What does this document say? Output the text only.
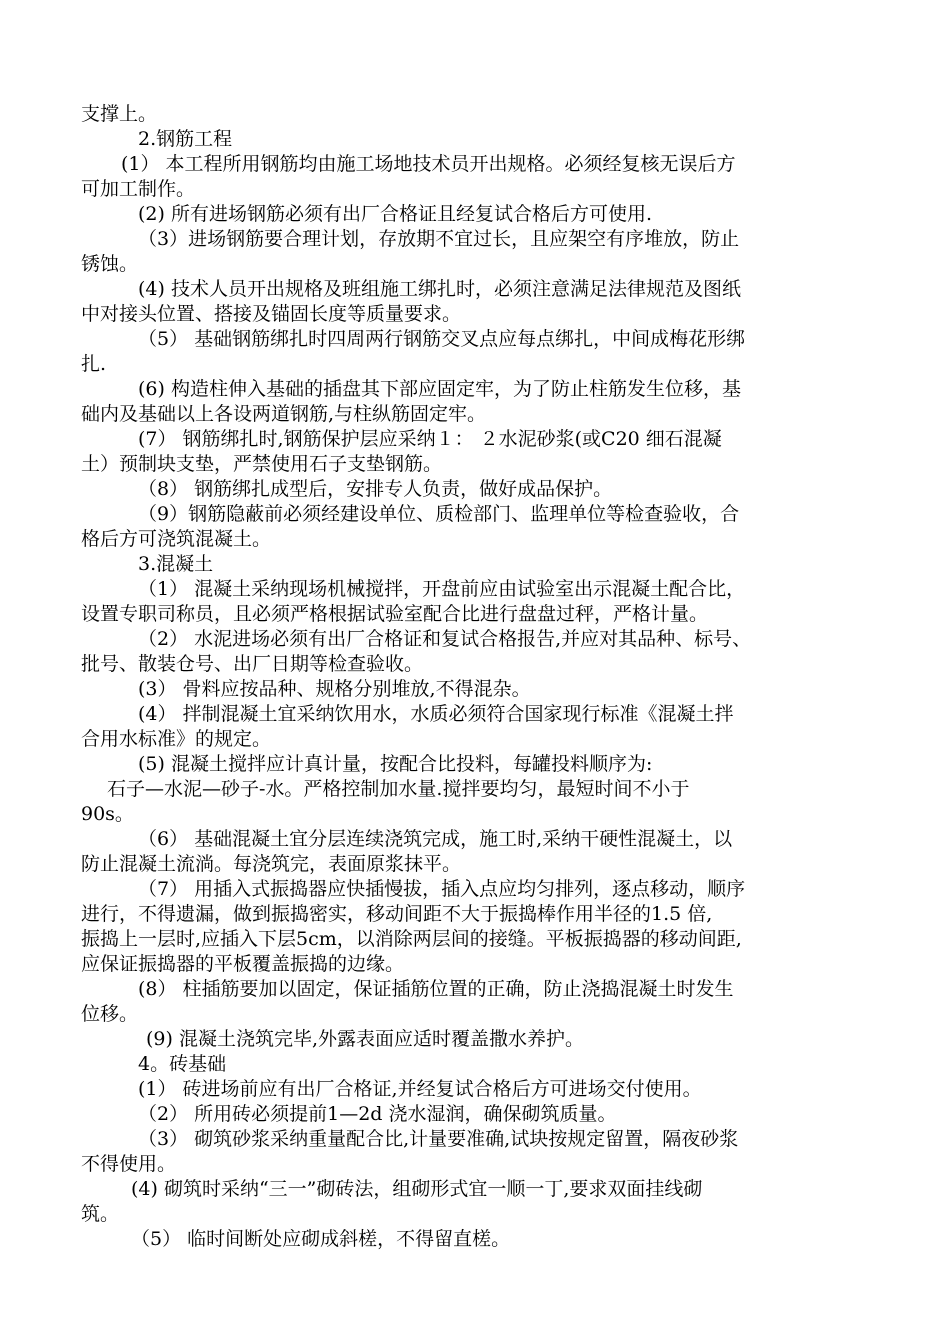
支撑上。
2.钢筋工程
(1） 本工程所用钢筋均由施工场地技术员开出规格。必须经复核无误后方
可加工制作。
(2) 所有进场钢筋必须有出厂合格证且经复试合格后方可使用.
（3）进场钢筋要合理计划，存放期不宜过长，且应架空有序堆放，防止
锈蚀。
(4) 技术人员开出规格及班组施工绑扎时，必须注意满足法律规范及图纸
中对接头位置、搭接及锚固长度等质量要求。
（5） 基础钢筋绑扎时四周两行钢筋交叉点应每点绑扎，中间成梅花形绑
扎.
(6) 构造柱伸入基础的插盘其下部应固定牢，为了防止柱筋发生位移，基
础内及基础以上各设两道钢筋,与柱纵筋固定牢。
(7） 钢筋绑扎时,钢筋保护层应采纳１： ２水泥砂浆(或C20 细石混凝
土）预制块支垫，严禁使用石子支垫钢筋。
（8） 钢筋绑扎成型后，安排专人负责，做好成品保护。
（9）钢筋隐蔽前必须经建设单位、质检部门、监理单位等检查验收，合
格后方可浇筑混凝土。
3.混凝土
（1） 混凝土采纳现场机械搅拌，开盘前应由试验室出示混凝土配合比，
设置专职司称员，且必须严格根据试验室配合比进行盘盘过秤，严格计量。
（2） 水泥进场必须有出厂合格证和复试合格报告,并应对其品种、标号、
批号、散装仓号、出厂日期等检查验收。
(3） 骨料应按品种、规格分别堆放,不得混杂。
(4） 拌制混凝土宜采纳饮用水，水质必须符合国家现行标准《混凝土拌
合用水标准》的规定。
(5) 混凝土搅拌应计真计量，按配合比投料，每罐投料顺序为:
石子—水泥—砂子-水。严格控制加水量.搅拌要均匀，最短时间不小于
90s。
（6） 基础混凝土宜分层连续浇筑完成，施工时,采纳干硬性混凝土，以
防止混凝土流淌。每浇筑完，表面原浆抹平。
（7） 用插入式振捣器应快插慢拔，插入点应均匀排列，逐点移动，顺序
进行，不得遗漏，做到振捣密实，移动间距不大于振捣棒作用半径的1.5 倍,
振捣上一层时,应插入下层5cm，以消除两层间的接缝。平板振捣器的移动间距,
应保证振捣器的平板覆盖振捣的边缘。
(8） 柱插筋要加以固定，保证插筋位置的正确，防止浇捣混凝土时发生
位移。
(9) 混凝土浇筑完毕,外露表面应适时覆盖撒水养护。
4。砖基础
(1） 砖进场前应有出厂合格证,并经复试合格后方可进场交付使用。
（2） 所用砖必须提前1—2d 浇水湿润，确保砌筑质量。
（3） 砌筑砂浆采纳重量配合比,计量要准确,试块按规定留置，隔夜砂浆
不得使用。
(4) 砌筑时采纳“三一”砌砖法，组砌形式宜一顺一丁,要求双面挂线砌
筑。
（5） 临时间断处应砌成斜槎，不得留直槎。
